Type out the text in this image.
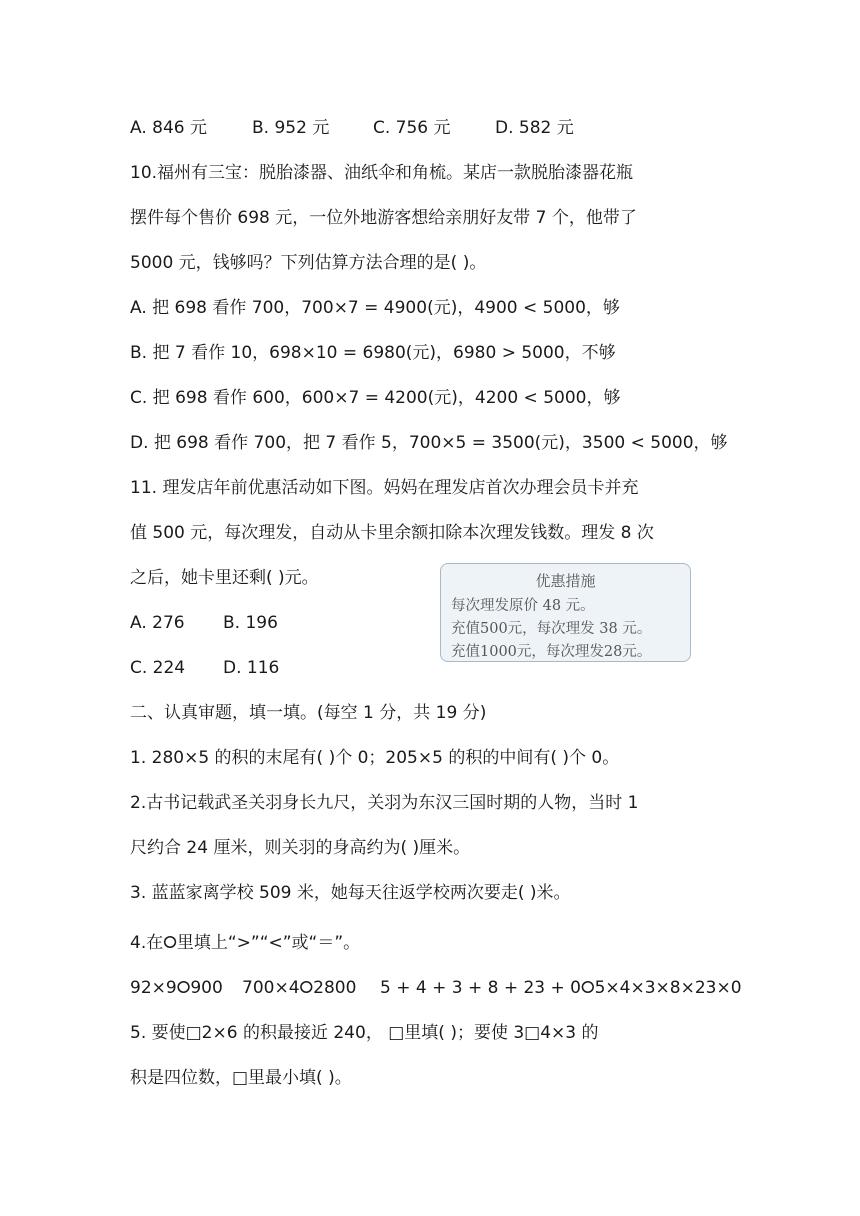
A. 846 元	B. 952 元	C. 756 元	D. 582 元
10.福州有三宝：脱胎漆器、油纸伞和角梳。某店一款脱胎漆器花瓶
摆件每个售价 698 元，一位外地游客想给亲朋好友带 7 个，他带了
5000 元，钱够吗？下列估算方法合理的是( )。
A. 把 698 看作 700，700×7 = 4900(元)，4900 < 5000，够
B. 把 7 看作 10，698×10 = 6980(元)，6980 > 5000，不够
C. 把 698 看作 600，600×7 = 4200(元)，4200 < 5000，够
D. 把 698 看作 700，把 7 看作 5，700×5 = 3500(元)，3500 < 5000，够
11. 理发店年前优惠活动如下图。妈妈在理发店首次办理会员卡并充
值 500 元，每次理发，自动从卡里余额扣除本次理发钱数。理发 8 次
之后，她卡里还剩( )元。
A. 276 B. 196
C. 224 D. 116
优惠措施
每次理发原价 48 元。
充值500元，每次理发 38 元。
充值1000元，每次理发28元。
二、认真审题，填一填。(每空 1 分，共 19 分)
1. 280×5 的积的末尾有( )个 0；205×5 的积的中间有( )个 0。
2.古书记载武圣关羽身长九尺，关羽为东汉三国时期的人物，当时 1
尺约合 24 厘米，则关羽的身高约为( )厘米。
3. 蓝蓝家离学校 509 米，她每天往返学校两次要走( )米。
4.在⭘里填上“>”“<”或“＝”。
92×9⭘900 700×4⭘2800 5 + 4 + 3 + 8 + 23 + 0⭘5×4×3×8×23×0
5. 要使□2×6 的积最接近 240， □里填( )；要使 3□4×3 的
积是四位数，□里最小填( )。
